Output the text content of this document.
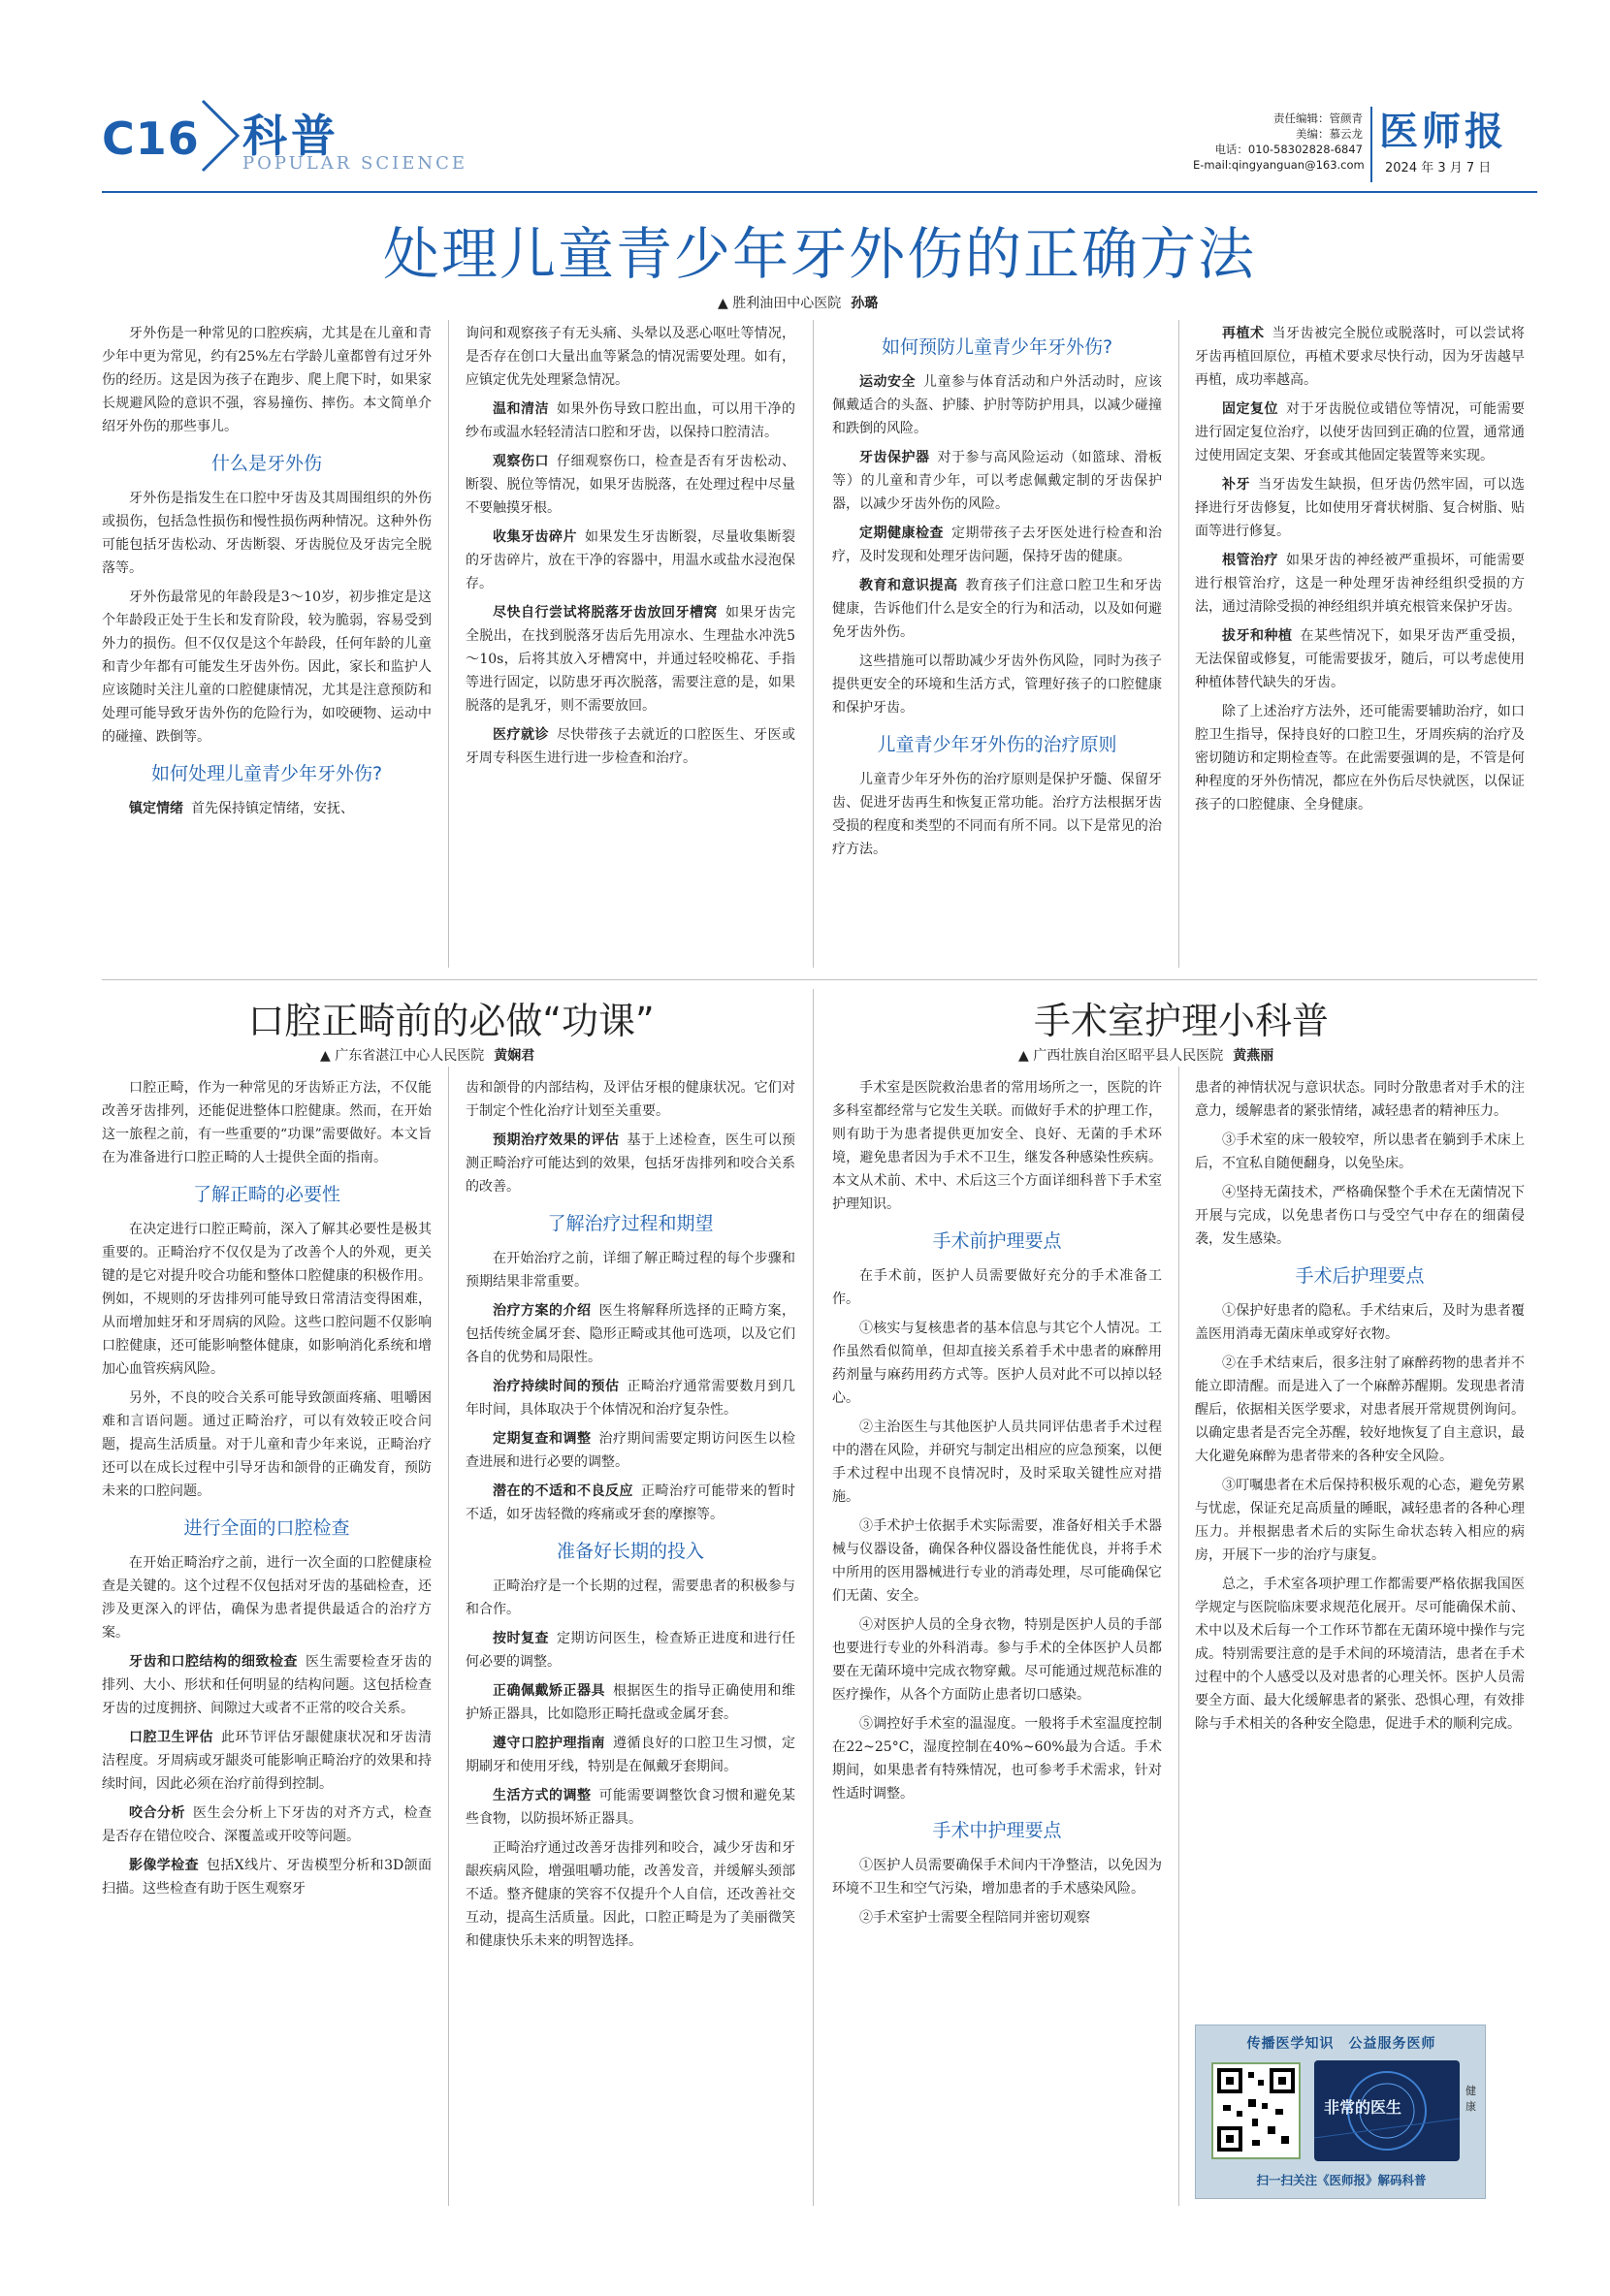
C16 科普
POPULAR SCIENCE
责任编辑：管颜青
美编：慕云龙
电话：010-58302828-6847
E-mail:qingyanguan@163.com
医师报
2024 年 3 月 7 日
处理儿童青少年牙外伤的正确方法
▲ 胜利油田中心医院 孙璐

牙外伤是一种常见的口腔疾病，尤其是在儿童和青少年中更为常见，约有25%左右学龄儿童都曾有过牙外伤的经历。这是因为孩子在跑步、爬上爬下时，如果家长规避风险的意识不强，容易撞伤、摔伤。本文简单介绍牙外伤的那些事儿。

什么是牙外伤

牙外伤是指发生在口腔中牙齿及其周围组织的外伤或损伤，包括急性损伤和慢性损伤两种情况。这种外伤可能包括牙齿松动、牙齿断裂、牙齿脱位及牙齿完全脱落等。

牙外伤最常见的年龄段是3～10岁，初步推定是这个年龄段正处于生长和发育阶段，较为脆弱，容易受到外力的损伤。但不仅仅是这个年龄段，任何年龄的儿童和青少年都有可能发生牙齿外伤。因此，家长和监护人应该随时关注儿童的口腔健康情况，尤其是注意预防和处理可能导致牙齿外伤的危险行为，如咬硬物、运动中的碰撞、跌倒等。

如何处理儿童青少年牙外伤?

镇定情绪 首先保持镇定情绪，安抚、

询问和观察孩子有无头痛、头晕以及恶心呕吐等情况，是否存在创口大量出血等紧急的情况需要处理。如有，应镇定优先处理紧急情况。

温和清洁 如果外伤导致口腔出血，可以用干净的纱布或温水轻轻清洁口腔和牙齿，以保持口腔清洁。

观察伤口 仔细观察伤口，检查是否有牙齿松动、断裂、脱位等情况，如果牙齿脱落，在处理过程中尽量不要触摸牙根。

收集牙齿碎片 如果发生牙齿断裂，尽量收集断裂的牙齿碎片，放在干净的容器中，用温水或盐水浸泡保存。

尽快自行尝试将脱落牙齿放回牙槽窝 如果牙齿完全脱出，在找到脱落牙齿后先用凉水、生理盐水冲洗5～10s，后将其放入牙槽窝中，并通过轻咬棉花、手指等进行固定，以防患牙再次脱落，需要注意的是，如果脱落的是乳牙，则不需要放回。

医疗就诊 尽快带孩子去就近的口腔医生、牙医或牙周专科医生进行进一步检查和治疗。

如何预防儿童青少年牙外伤?

运动安全 儿童参与体育活动和户外活动时，应该佩戴适合的头盔、护膝、护肘等防护用具，以减少碰撞和跌倒的风险。

牙齿保护器 对于参与高风险运动（如篮球、滑板等）的儿童和青少年，可以考虑佩戴定制的牙齿保护器，以减少牙齿外伤的风险。

定期健康检查 定期带孩子去牙医处进行检查和治疗，及时发现和处理牙齿问题，保持牙齿的健康。

教育和意识提高 教育孩子们注意口腔卫生和牙齿健康，告诉他们什么是安全的行为和活动，以及如何避免牙齿外伤。

这些措施可以帮助减少牙齿外伤风险，同时为孩子提供更安全的环境和生活方式，管理好孩子的口腔健康和保护牙齿。

儿童青少年牙外伤的治疗原则

儿童青少年牙外伤的治疗原则是保护牙髓、保留牙齿、促进牙齿再生和恢复正常功能。治疗方法根据牙齿受损的程度和类型的不同而有所不同。以下是常见的治疗方法。

再植术 当牙齿被完全脱位或脱落时，可以尝试将牙齿再植回原位，再植术要求尽快行动，因为牙齿越早再植，成功率越高。

固定复位 对于牙齿脱位或错位等情况，可能需要进行固定复位治疗，以使牙齿回到正确的位置，通常通过使用固定支架、牙套或其他固定装置等来实现。

补牙 当牙齿发生缺损，但牙齿仍然牢固，可以选择进行牙齿修复，比如使用牙膏状树脂、复合树脂、贴面等进行修复。

根管治疗 如果牙齿的神经被严重损坏，可能需要进行根管治疗，这是一种处理牙齿神经组织受损的方法，通过清除受损的神经组织并填充根管来保护牙齿。

拔牙和种植 在某些情况下，如果牙齿严重受损，无法保留或修复，可能需要拔牙，随后，可以考虑使用种植体替代缺失的牙齿。

除了上述治疗方法外，还可能需要辅助治疗，如口腔卫生指导，保持良好的口腔卫生，牙周疾病的治疗及密切随访和定期检查等。在此需要强调的是，不管是何种程度的牙外伤情况，都应在外伤后尽快就医，以保证孩子的口腔健康、全身健康。

口腔正畸前的必做“功课”
▲ 广东省湛江中心人民医院 黄娴君

口腔正畸，作为一种常见的牙齿矫正方法，不仅能改善牙齿排列，还能促进整体口腔健康。然而，在开始这一旅程之前，有一些重要的“功课”需要做好。本文旨在为准备进行口腔正畸的人士提供全面的指南。

了解正畸的必要性

在决定进行口腔正畸前，深入了解其必要性是极其重要的。正畸治疗不仅仅是为了改善个人的外观，更关键的是它对提升咬合功能和整体口腔健康的积极作用。例如，不规则的牙齿排列可能导致日常清洁变得困难，从而增加蛀牙和牙周病的风险。这些口腔问题不仅影响口腔健康，还可能影响整体健康，如影响消化系统和增加心血管疾病风险。

另外，不良的咬合关系可能导致颌面疼痛、咀嚼困难和言语问题。通过正畸治疗，可以有效较正咬合问题，提高生活质量。对于儿童和青少年来说，正畸治疗还可以在成长过程中引导牙齿和颌骨的正确发育，预防未来的口腔问题。

进行全面的口腔检查

在开始正畸治疗之前，进行一次全面的口腔健康检查是关键的。这个过程不仅包括对牙齿的基础检查，还涉及更深入的评估，确保为患者提供最适合的治疗方案。

牙齿和口腔结构的细致检查 医生需要检查牙齿的排列、大小、形状和任何明显的结构问题。这包括检查牙齿的过度拥挤、间隙过大或者不正常的咬合关系。

口腔卫生评估 此环节评估牙龈健康状况和牙齿清洁程度。牙周病或牙龈炎可能影响正畸治疗的效果和持续时间，因此必须在治疗前得到控制。

咬合分析 医生会分析上下牙齿的对齐方式，检查是否存在错位咬合、深覆盖或开咬等问题。

影像学检查 包括X线片、牙齿模型分析和3D颌面扫描。这些检查有助于医生观察牙

齿和颌骨的内部结构，及评估牙根的健康状况。它们对于制定个性化治疗计划至关重要。

预期治疗效果的评估 基于上述检查，医生可以预测正畸治疗可能达到的效果，包括牙齿排列和咬合关系的改善。

了解治疗过程和期望

在开始治疗之前，详细了解正畸过程的每个步骤和预期结果非常重要。

治疗方案的介绍 医生将解释所选择的正畸方案，包括传统金属牙套、隐形正畸或其他可选项，以及它们各自的优势和局限性。

治疗持续时间的预估 正畸治疗通常需要数月到几年时间，具体取决于个体情况和治疗复杂性。

定期复查和调整 治疗期间需要定期访问医生以检查进展和进行必要的调整。

潜在的不适和不良反应 正畸治疗可能带来的暂时不适，如牙齿轻微的疼痛或牙套的摩擦等。

准备好长期的投入

正畸治疗是一个长期的过程，需要患者的积极参与和合作。

按时复查 定期访问医生，检查矫正进度和进行任何必要的调整。

正确佩戴矫正器具 根据医生的指导正确使用和维护矫正器具，比如隐形正畸托盘或金属牙套。

遵守口腔护理指南 遵循良好的口腔卫生习惯，定期刷牙和使用牙线，特别是在佩戴牙套期间。

生活方式的调整 可能需要调整饮食习惯和避免某些食物，以防损坏矫正器具。

正畸治疗通过改善牙齿排列和咬合，减少牙齿和牙龈疾病风险，增强咀嚼功能，改善发音，并缓解头颈部不适。整齐健康的笑容不仅提升个人自信，还改善社交互动，提高生活质量。因此，口腔正畸是为了美丽微笑和健康快乐未来的明智选择。

手术室护理小科普
▲ 广西壮族自治区昭平县人民医院 黄燕丽

手术室是医院救治患者的常用场所之一，医院的许多科室都经常与它发生关联。而做好手术的护理工作，则有助于为患者提供更加安全、良好、无菌的手术环境，避免患者因为手术不卫生，继发各种感染性疾病。本文从术前、术中、术后这三个方面详细科普下手术室护理知识。

手术前护理要点

在手术前，医护人员需要做好充分的手术准备工作。

①核实与复核患者的基本信息与其它个人情况。工作虽然看似简单，但却直接关系着手术中患者的麻醉用药剂量与麻药用药方式等。医护人员对此不可以掉以轻心。

②主治医生与其他医护人员共同评估患者手术过程中的潜在风险，并研究与制定出相应的应急预案，以便手术过程中出现不良情况时，及时采取关键性应对措施。

③手术护士依据手术实际需要，准备好相关手术器械与仪器设备，确保各种仪器设备性能优良，并将手术中所用的医用器械进行专业的消毒处理，尽可能确保它们无菌、安全。

④对医护人员的全身衣物，特别是医护人员的手部也要进行专业的外科消毒。参与手术的全体医护人员都要在无菌环境中完成衣物穿戴。尽可能通过规范标准的医疗操作，从各个方面防止患者切口感染。

⑤调控好手术室的温湿度。一般将手术室温度控制在22~25°C，湿度控制在40%~60%最为合适。手术期间，如果患者有特殊情况，也可参考手术需求，针对性适时调整。

手术中护理要点

①医护人员需要确保手术间内干净整洁，以免因为环境不卫生和空气污染，增加患者的手术感染风险。

②手术室护士需要全程陪同并密切观察

患者的神情状况与意识状态。同时分散患者对手术的注意力，缓解患者的紧张情绪，减轻患者的精神压力。

③手术室的床一般较窄，所以患者在躺到手术床上后，不宜私自随便翻身，以免坠床。

④坚持无菌技术，严格确保整个手术在无菌情况下开展与完成，以免患者伤口与受空气中存在的细菌侵袭，发生感染。

手术后护理要点

①保护好患者的隐私。手术结束后，及时为患者覆盖医用消毒无菌床单或穿好衣物。

②在手术结束后，很多注射了麻醉药物的患者并不能立即清醒。而是进入了一个麻醉苏醒期。发现患者清醒后，依据相关医学要求，对患者展开常规贯例询问。以确定患者是否完全苏醒，较好地恢复了自主意识，最大化避免麻醉为患者带来的各种安全风险。

③叮嘱患者在术后保持积极乐观的心态，避免劳累与忧虑，保证充足高质量的睡眠，减轻患者的各种心理压力。并根据患者术后的实际生命状态转入相应的病房，开展下一步的治疗与康复。

总之，手术室各项护理工作都需要严格依据我国医学规定与医院临床要求规范化展开。尽可能确保术前、术中以及术后每一个工作环节都在无菌环境中操作与完成。特别需要注意的是手术间的环境清洁，患者在手术过程中的个人感受以及对患者的心理关怀。医护人员需要全方面、最大化缓解患者的紧张、恐惧心理，有效排除与手术相关的各种安全隐患，促进手术的顺利完成。

传播医学知识　公益服务医师
非常的医生
健康
扫一扫关注《医师报》解码科普
